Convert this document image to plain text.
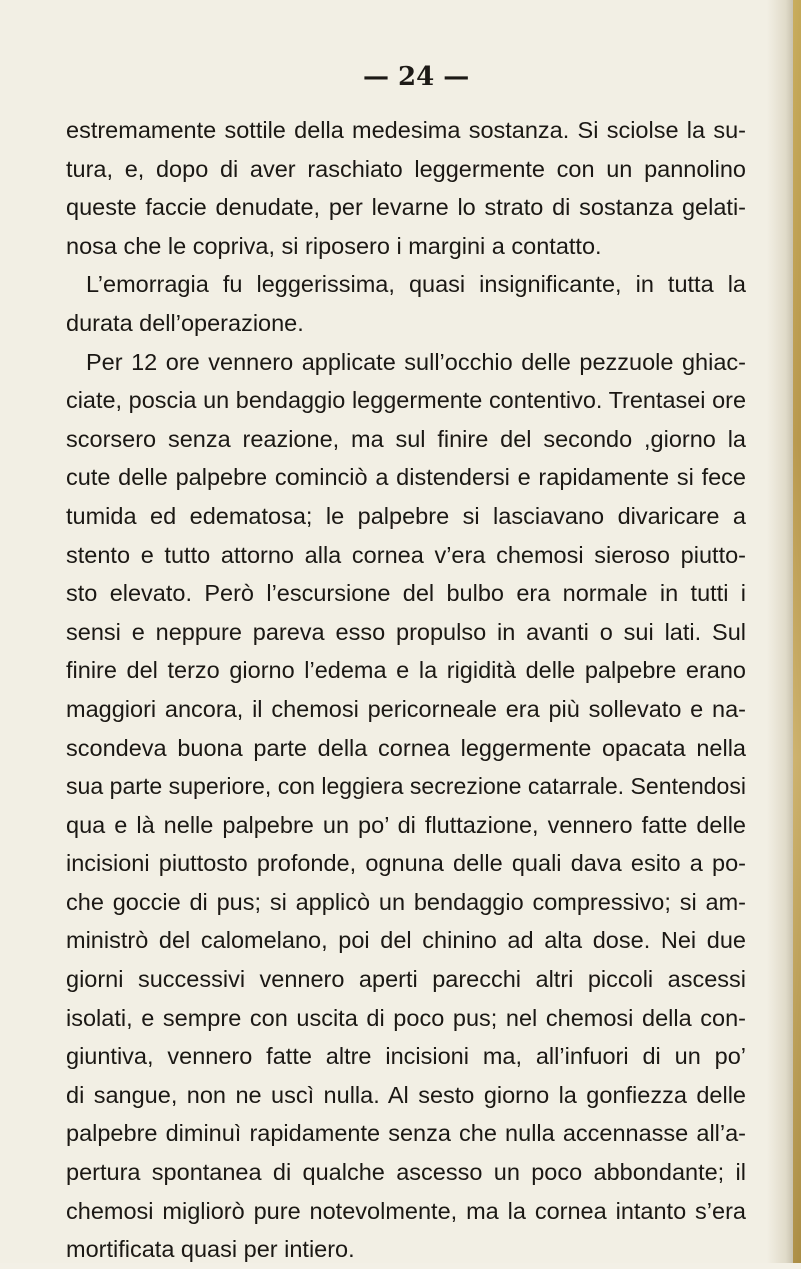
— 24 —
estremamente sottile della medesima sostanza. Si sciolse la su-
tura, e, dopo di aver raschiato leggermente con un pannolino
queste faccie denudate, per levarne lo strato di sostanza gelati-
nosa che le copriva, si riposero i margini a contatto.
L’emorragia fu leggerissima, quasi insignificante, in tutta la
durata dell’operazione.
Per 12 ore vennero applicate sull’occhio delle pezzuole ghiac-
ciate, poscia un bendaggio leggermente contentivo. Trentasei ore
scorsero senza reazione, ma sul finire del secondo ,giorno la
cute delle palpebre cominciò a distendersi e rapidamente si fece
tumida ed edematosa; le palpebre si lasciavano divaricare a
stento e tutto attorno alla cornea v’era chemosi sieroso piutto-
sto elevato. Però l’escursione del bulbo era normale in tutti i
sensi e neppure pareva esso propulso in avanti o sui lati. Sul
finire del terzo giorno l’edema e la rigidità delle palpebre erano
maggiori ancora, il chemosi pericorneale era più sollevato e na-
scondeva buona parte della cornea leggermente opacata nella
sua parte superiore, con leggiera secrezione catarrale. Sentendosi
qua e là nelle palpebre un po’ di fluttazione, vennero fatte delle
incisioni piuttosto profonde, ognuna delle quali dava esito a po-
che goccie di pus; si applicò un bendaggio compressivo; si am-
ministrò del calomelano, poi del chinino ad alta dose. Nei due
giorni successivi vennero aperti parecchi altri piccoli ascessi
isolati, e sempre con uscita di poco pus; nel chemosi della con-
giuntiva, vennero fatte altre incisioni ma, all’infuori di un po’
di sangue, non ne uscì nulla. Al sesto giorno la gonfiezza delle
palpebre diminuì rapidamente senza che nulla accennasse all’a-
pertura spontanea di qualche ascesso un poco abbondante; il
chemosi migliorò pure notevolmente, ma la cornea intanto s’era
mortificata quasi per intiero.
